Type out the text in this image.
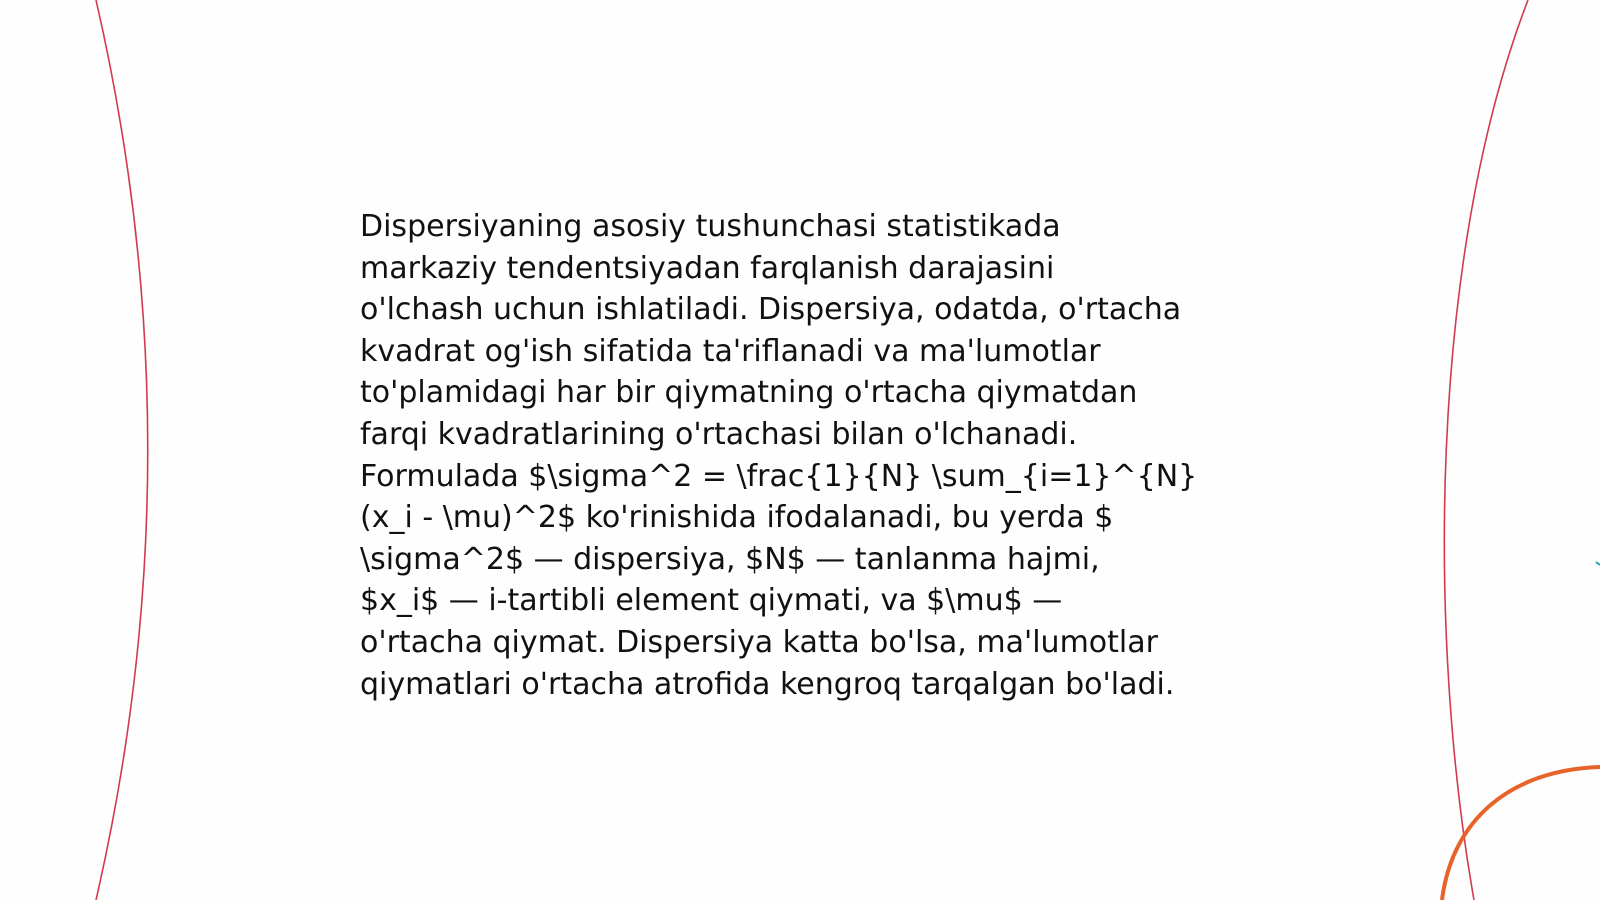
Dispersiyaning asosiy tushunchasi statistikada
markaziy tendentsiyadan farqlanish darajasini
o'lchash uchun ishlatiladi. Dispersiya, odatda, o'rtacha
kvadrat og'ish sifatida ta'riflanadi va ma'lumotlar
to'plamidagi har bir qiymatning o'rtacha qiymatdan
farqi kvadratlarining o'rtachasi bilan o'lchanadi.
Formulada $\sigma^2 = \frac{1}{N} \sum_{i=1}^{N}
(x_i - \mu)^2$ ko'rinishida ifodalanadi, bu yerda $
\sigma^2$ — dispersiya, $N$ — tanlanma hajmi,
$x_i$ — i-tartibli element qiymati, va $\mu$ —
o'rtacha qiymat. Dispersiya katta bo'lsa, ma'lumotlar
qiymatlari o'rtacha atrofida kengroq tarqalgan bo'ladi.
